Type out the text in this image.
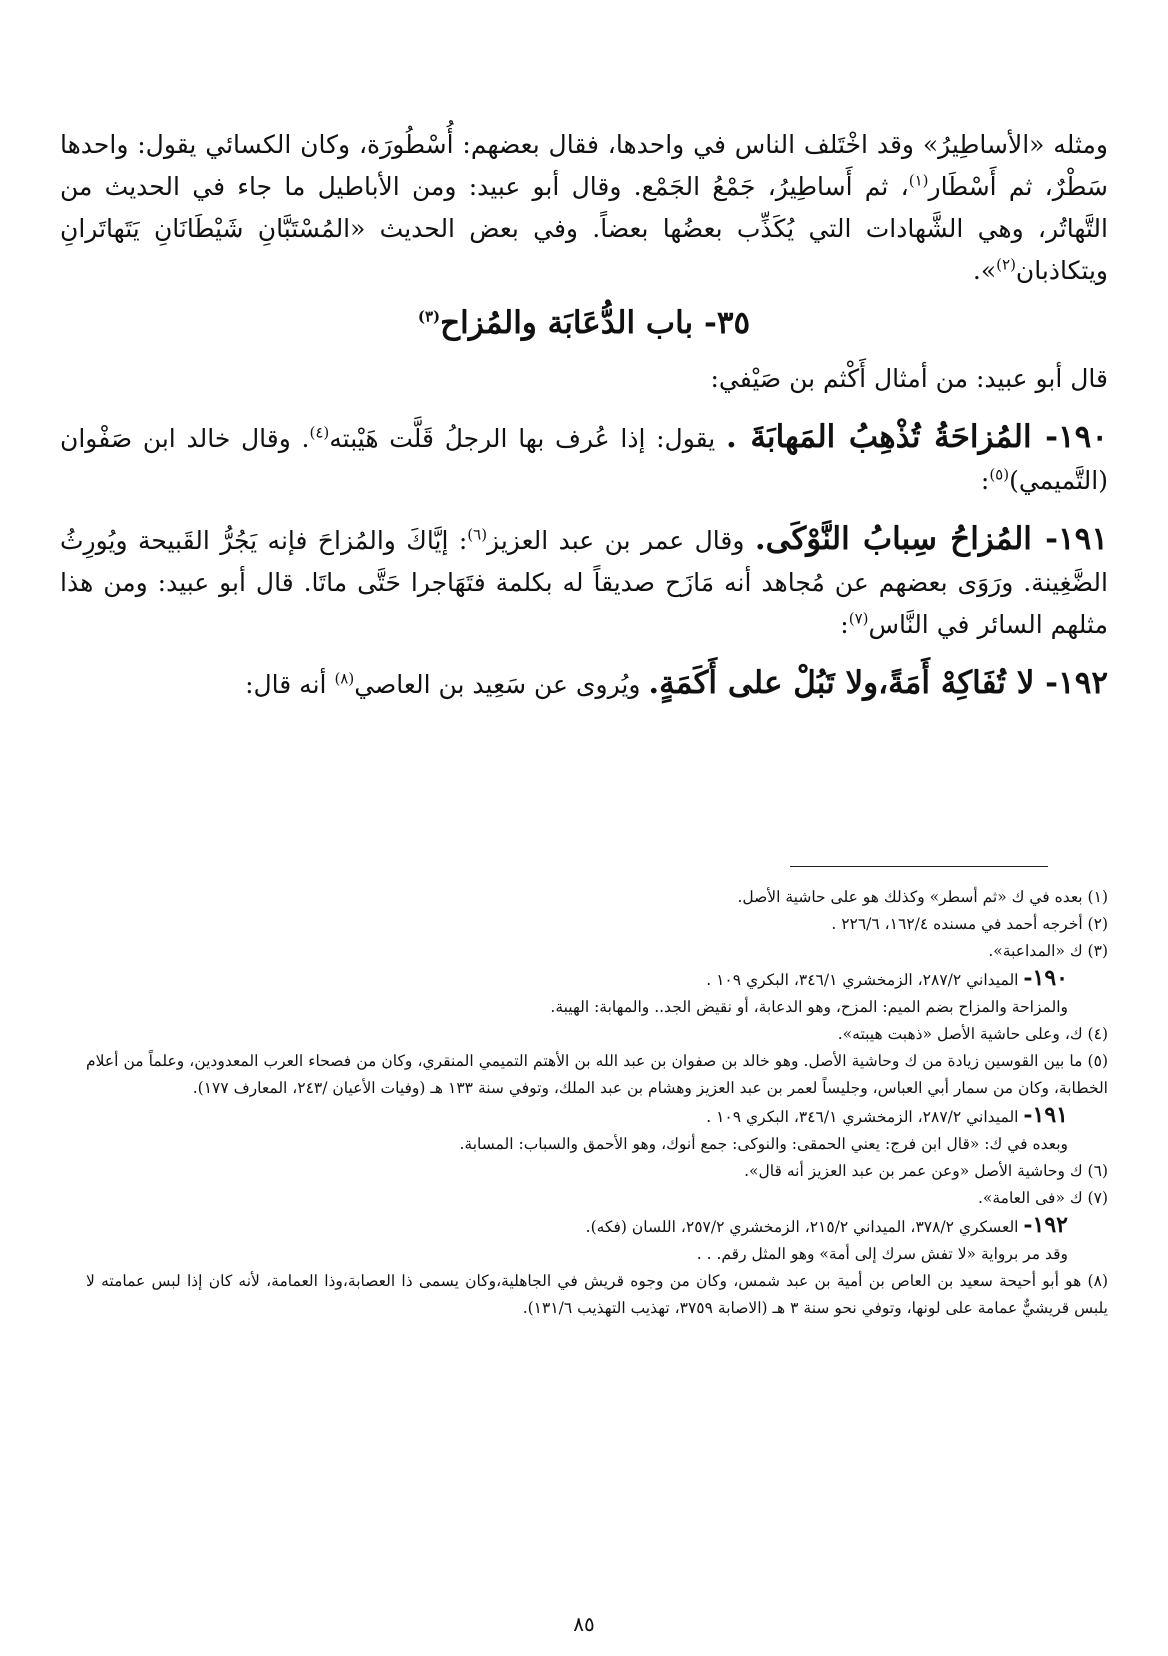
ومثله «الأساطِيرُ» وقد اخْتَلف الناس في واحدها، فقال بعضهم: أُسْطُورَة، وكان الكسائي يقول: واحدها سَطْرٌ، ثم أَسْطَار$^{(١)}$، ثم أَساطِيرُ، جَمْعُ الجَمْع. وقال أبو عبيد: ومن الأباطيل ما جاء في الحديث من التَّهاتُر، وهي الشَّهادات التي يُكَذِّب بعضُها بعضاً. وفي بعض الحديث «المُسْتَبَّانِ شَيْطَانَانِ يَتَهاتَرانِ ويتكاذبان$^{(٢)}$».

٣٥- باب الدُّعَابَة والمُزاح$^{(٣)}$

قال أبو عبيد: من أمثال أَكْثم بن صَيْفي:

١٩٠- المُزاحَةُ تُذْهِبُ المَهابَةَ . يقول: إذا عُرف بها الرجلُ قَلَّت هَيْبته$^{(٤)}$. وقال خالد ابن صَفْوان (التَّميمي)$^{(٥)}$:

١٩١- المُزاحُ سِبابُ النَّوْكَى. وقال عمر بن عبد العزيز$^{(٦)}$: إيَّاكَ والمُزاحَ فإنه يَجُرُّ القَبيحة ويُورِثُ الضَّغِينة. ورَوَى بعضهم عن مُجاهد أنه مَازَح صديقاً له بكلمة فتَهَاجرا حَتَّى ماتَا. قال أبو عبيد: ومن هذا مثلهم السائر في النَّاس$^{(٧)}$:

١٩٢- لا تُفَاكِهْ أَمَةً،ولا تَبُلْ على أَكَمَةٍ. ويُروى عن سَعِيد بن العاصي$^{(٨)}$ أنه قال:

(١) بعده في ك «ثم أسطر» وكذلك هو على حاشية الأصل.

(٢) أخرجه أحمد في مسنده ١٦٢/٤، ٢٢٦/٦ .

(٣) ك «المداعبة».

١٩٠- الميداني ٢٨٧/٢، الزمخشري ٣٤٦/١، البكري ١٠٩ .

والمزاحة والمزاح بضم الميم: المزح، وهو الدعابة، أو نقيض الجد.. والمهابة: الهيبة.

(٤) ك، وعلى حاشية الأصل «ذهبت هيبته».

(٥) ما بين القوسين زيادة من ك وحاشية الأصل. وهو خالد بن صفوان بن عبد الله بن الأهتم التميمي المنقري، وكان من فصحاء العرب المعدودين، وعلماً من أعلام الخطابة، وكان من سمار أبي العباس، وجليساً لعمر بن عبد العزيز وهشام بن عبد الملك، وتوفي سنة ١٣٣ هـ (وفيات الأعيان /٢٤٣، المعارف ١٧٧).

١٩١- الميداني ٢٨٧/٢، الزمخشري ٣٤٦/١، البكري ١٠٩ .

وبعده في ك: «قال ابن فرج: يعني الحمقى: والنوكى: جمع أنوك، وهو الأحمق والسباب: المسابة.

(٦) ك وحاشية الأصل «وعن عمر بن عبد العزيز أنه قال».

(٧) ك «فى العامة».

١٩٢- العسكري ٣٧٨/٢، الميداني ٢١٥/٢، الزمخشري ٢٥٧/٢، اللسان (فكه).

وقد مر برواية «لا تفش سرك إلى أمة» وهو المثل رقم. . .

(٨) هو أبو أحيحة سعيد بن العاص بن أمية بن عبد شمس، وكان من وجوه قريش في الجاهلية،وكان يسمى ذا العصابة،وذا العمامة، لأنه كان إذا لبس عمامته لا يلبس قريشيٌّ عمامة على لونها، وتوفي نحو سنة ٣ هـ (الاصابة ٣٧٥٩، تهذيب التهذيب ١٣١/٦).

٨٥
